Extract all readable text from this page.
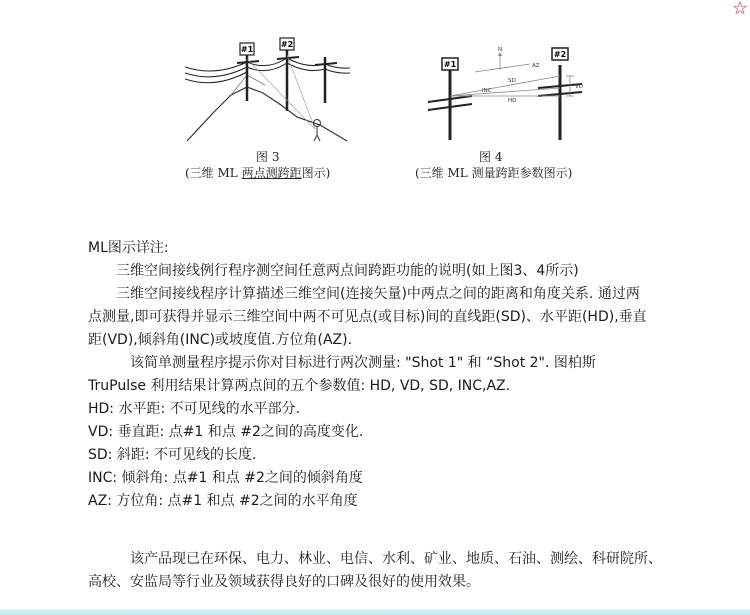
#1
#2
图 3
(三维 ML 两点测跨距图示)
N
AZ
SD
INC
HD
VD
#1
#2
图 4
(三维 ML 测量跨距参数图示)
ML图示详注:
三维空间接线例行程序测空间任意两点间跨距功能的说明(如上图3、4所示)
三维空间接线程序计算描述三维空间(连接矢量)中两点之间的距离和角度关系. 通过两
点测量,即可获得并显示三维空间中两不可见点(或目标)间的直线距(SD)、水平距(HD),垂直
距(VD),倾斜角(INC)或坡度值.方位角(AZ).
该简单测量程序提示你对目标进行两次测量: "Shot 1" 和 “Shot 2". 图柏斯
TruPulse 利用结果计算两点间的五个参数值: HD, VD, SD, INC,AZ.
HD: 水平距: 不可见线的水平部分.
VD: 垂直距: 点#1 和点 #2之间的高度变化.
SD: 斜距: 不可见线的长度.
INC: 倾斜角: 点#1 和点 #2之间的倾斜角度
AZ: 方位角: 点#1 和点 #2之间的水平角度
该产品现已在环保、电力、林业、电信、水利、矿业、地质、石油、测绘、科研院所、
高校、安监局等行业及领域获得良好的口碑及很好的使用效果。
